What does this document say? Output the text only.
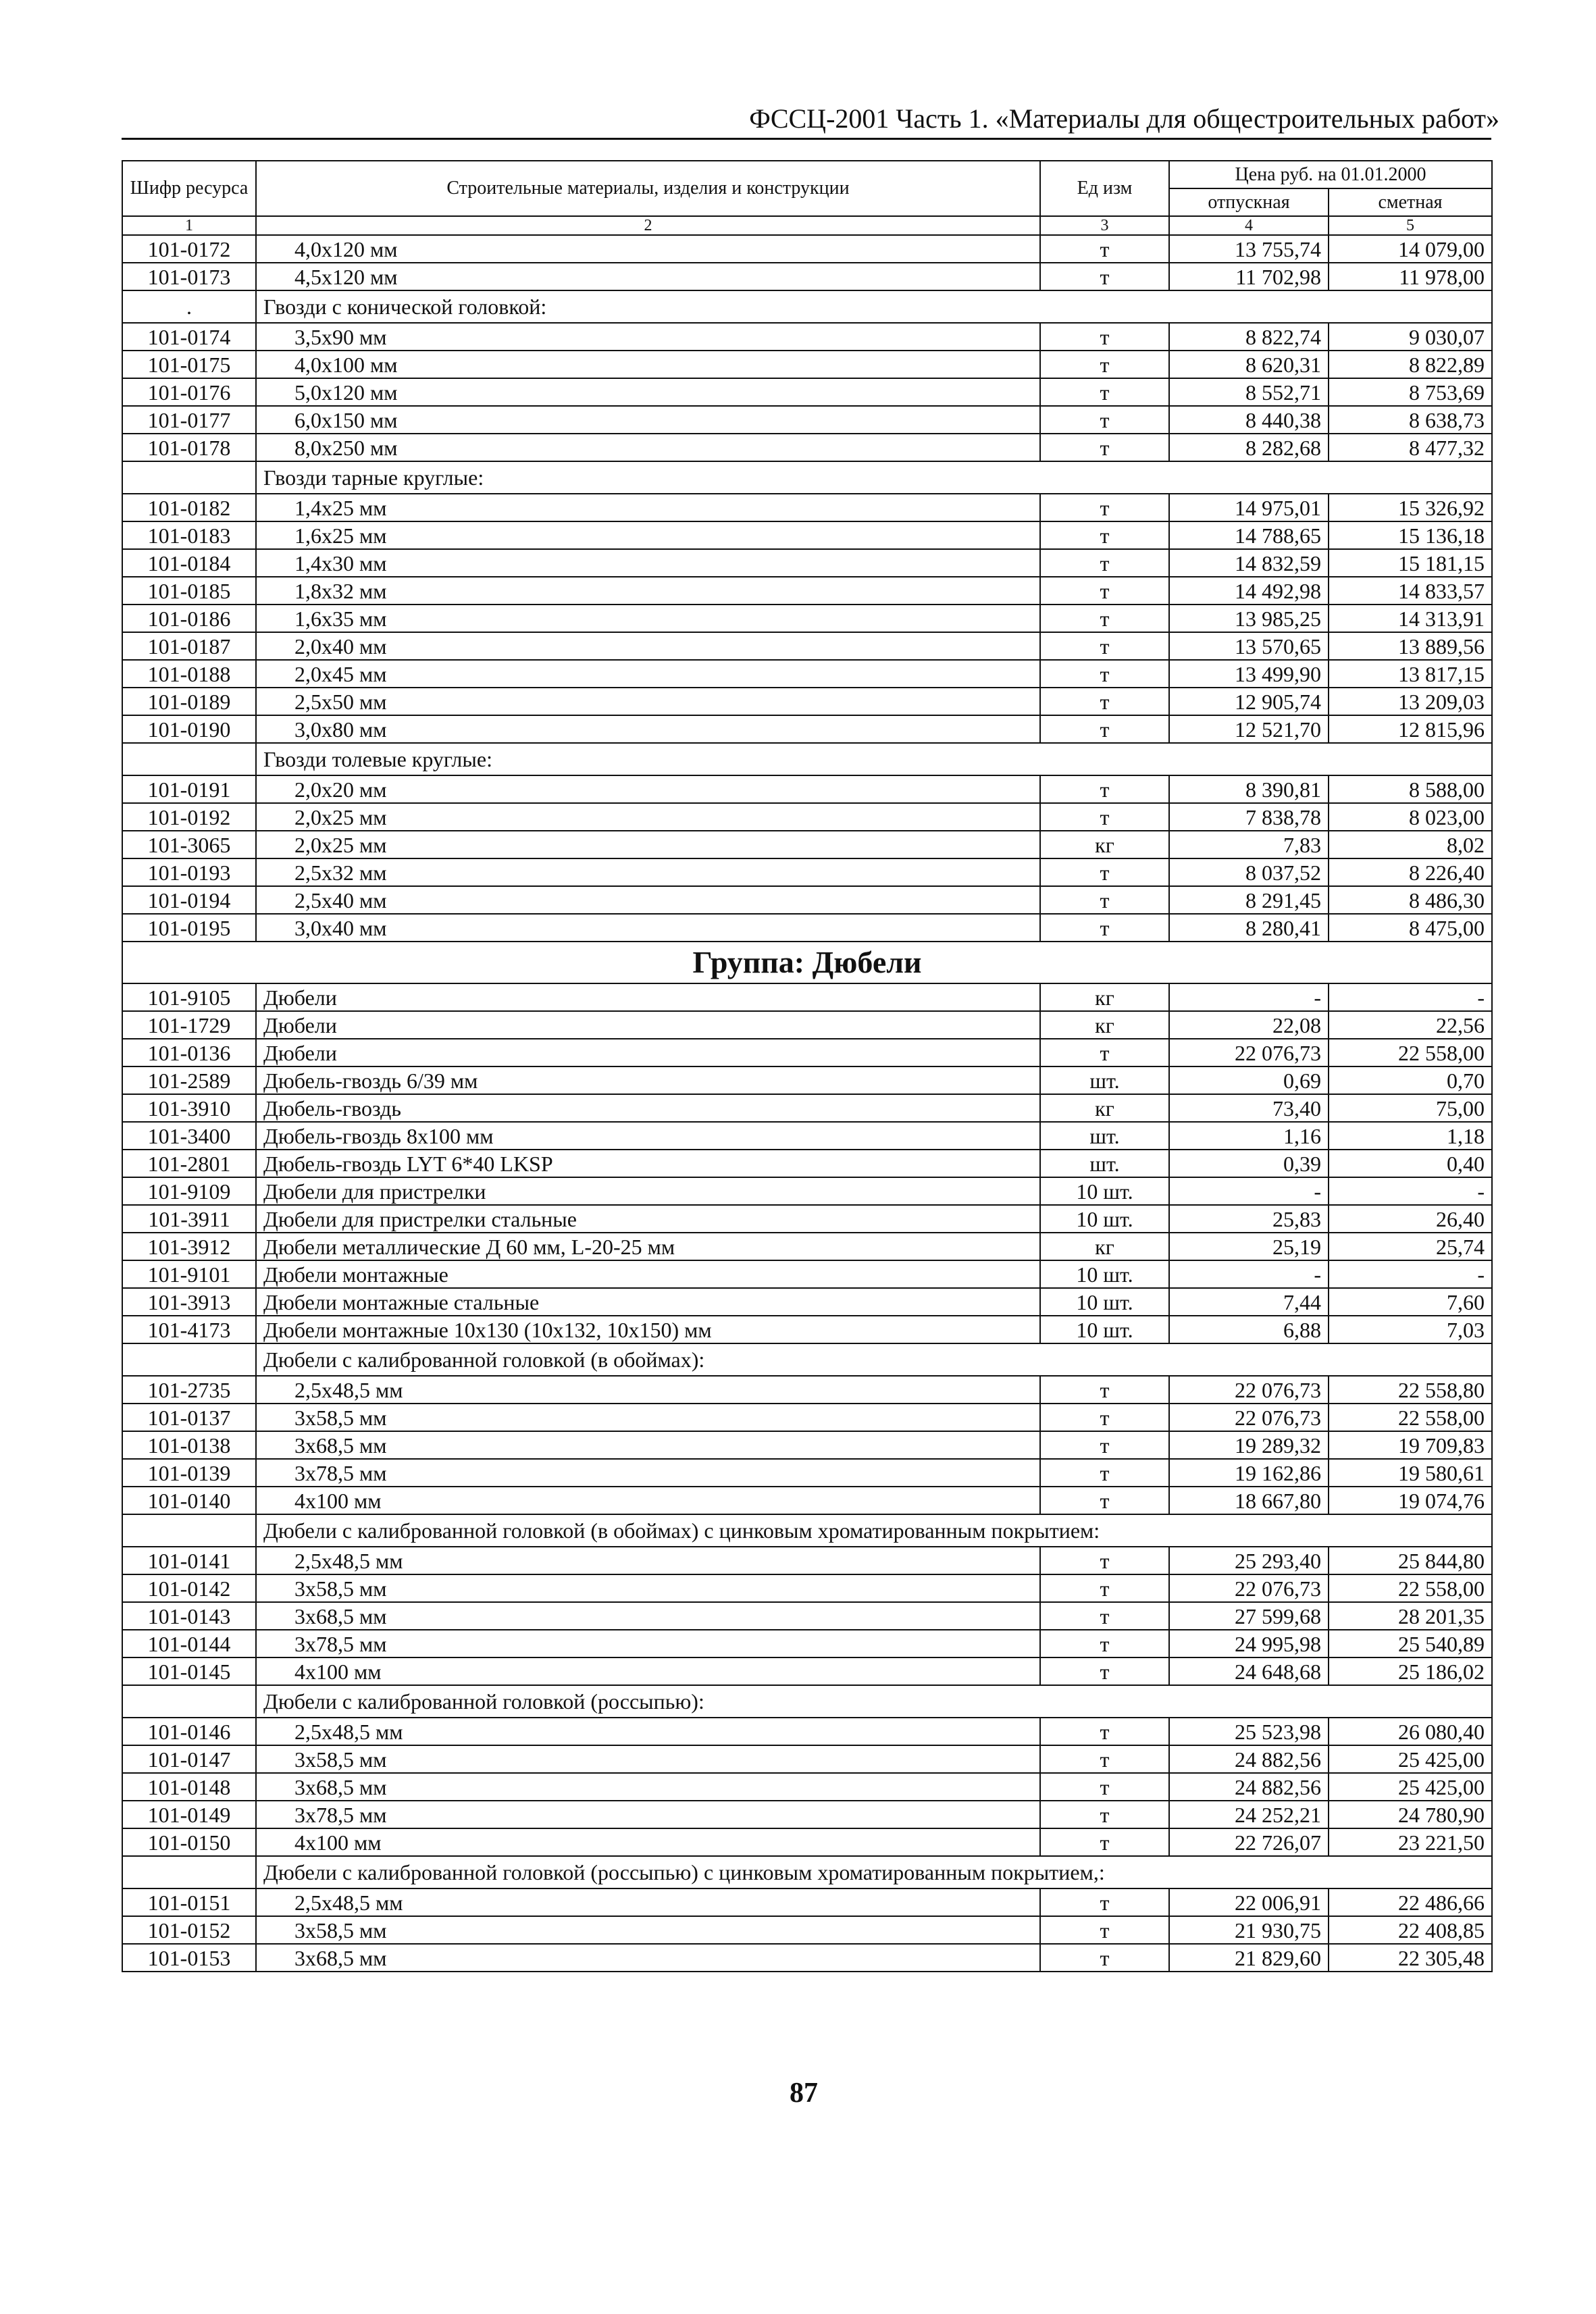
ФССЦ-2001 Часть 1. «Материалы для общестроительных работ»
Шифр ресурса	Строительные материалы, изделия и конструкции	Ед изм	Цена руб. на 01.01.2000	
			отпускная	сметная
1	2	3	4	5
101-0172	4,0x120 мм	т	13 755,74	14 079,00
101-0173	4,5x120 мм	т	11 702,98	11 978,00
.	Гвозди с конической головкой:			
101-0174	3,5x90 мм	т	8 822,74	9 030,07
101-0175	4,0x100 мм	т	8 620,31	8 822,89
101-0176	5,0x120 мм	т	8 552,71	8 753,69
101-0177	6,0x150 мм	т	8 440,38	8 638,73
101-0178	8,0x250 мм	т	8 282,68	8 477,32
	Гвозди тарные круглые:			
101-0182	1,4x25 мм	т	14 975,01	15 326,92
101-0183	1,6x25 мм	т	14 788,65	15 136,18
101-0184	1,4x30 мм	т	14 832,59	15 181,15
101-0185	1,8x32 мм	т	14 492,98	14 833,57
101-0186	1,6x35 мм	т	13 985,25	14 313,91
101-0187	2,0x40 мм	т	13 570,65	13 889,56
101-0188	2,0x45 мм	т	13 499,90	13 817,15
101-0189	2,5x50 мм	т	12 905,74	13 209,03
101-0190	3,0x80 мм	т	12 521,70	12 815,96
	Гвозди толевые круглые:			
101-0191	2,0x20 мм	т	8 390,81	8 588,00
101-0192	2,0x25 мм	т	7 838,78	8 023,00
101-3065	2,0x25 мм	кг	7,83	8,02
101-0193	2,5x32 мм	т	8 037,52	8 226,40
101-0194	2,5x40 мм	т	8 291,45	8 486,30
101-0195	3,0x40 мм	т	8 280,41	8 475,00
Группа: Дюбели				
101-9105	Дюбели	кг	-	-
101-1729	Дюбели	кг	22,08	22,56
101-0136	Дюбели	т	22 076,73	22 558,00
101-2589	Дюбель-гвоздь 6/39 мм	шт.	0,69	0,70
101-3910	Дюбель-гвоздь	кг	73,40	75,00
101-3400	Дюбель-гвоздь 8x100 мм	шт.	1,16	1,18
101-2801	Дюбель-гвоздь LYT 6*40 LKSP	шт.	0,39	0,40
101-9109	Дюбели для пристрелки	10 шт.	-	-
101-3911	Дюбели для пристрелки стальные	10 шт.	25,83	26,40
101-3912	Дюбели металлические Д 60 мм, L-20-25 мм	кг	25,19	25,74
101-9101	Дюбели монтажные	10 шт.	-	-
101-3913	Дюбели монтажные стальные	10 шт.	7,44	7,60
101-4173	Дюбели монтажные 10x130 (10x132, 10x150) мм	10 шт.	6,88	7,03
	Дюбели с калиброванной головкой (в обоймах):			
101-2735	2,5x48,5 мм	т	22 076,73	22 558,80
101-0137	3x58,5 мм	т	22 076,73	22 558,00
101-0138	3x68,5 мм	т	19 289,32	19 709,83
101-0139	3x78,5 мм	т	19 162,86	19 580,61
101-0140	4x100 мм	т	18 667,80	19 074,76
	Дюбели с калиброванной головкой (в обоймах) с цинковым хроматированным покрытием:			
101-0141	2,5x48,5 мм	т	25 293,40	25 844,80
101-0142	3x58,5 мм	т	22 076,73	22 558,00
101-0143	3x68,5 мм	т	27 599,68	28 201,35
101-0144	3x78,5 мм	т	24 995,98	25 540,89
101-0145	4x100 мм	т	24 648,68	25 186,02
	Дюбели с калиброванной головкой (россыпью):			
101-0146	2,5x48,5 мм	т	25 523,98	26 080,40
101-0147	3x58,5 мм	т	24 882,56	25 425,00
101-0148	3x68,5 мм	т	24 882,56	25 425,00
101-0149	3x78,5 мм	т	24 252,21	24 780,90
101-0150	4x100 мм	т	22 726,07	23 221,50
	Дюбели с калиброванной головкой (россыпью) с цинковым хроматированным покрытием,:			
101-0151	2,5x48,5 мм	т	22 006,91	22 486,66
101-0152	3x58,5 мм	т	21 930,75	22 408,85
101-0153	3x68,5 мм	т	21 829,60	22 305,48
87
